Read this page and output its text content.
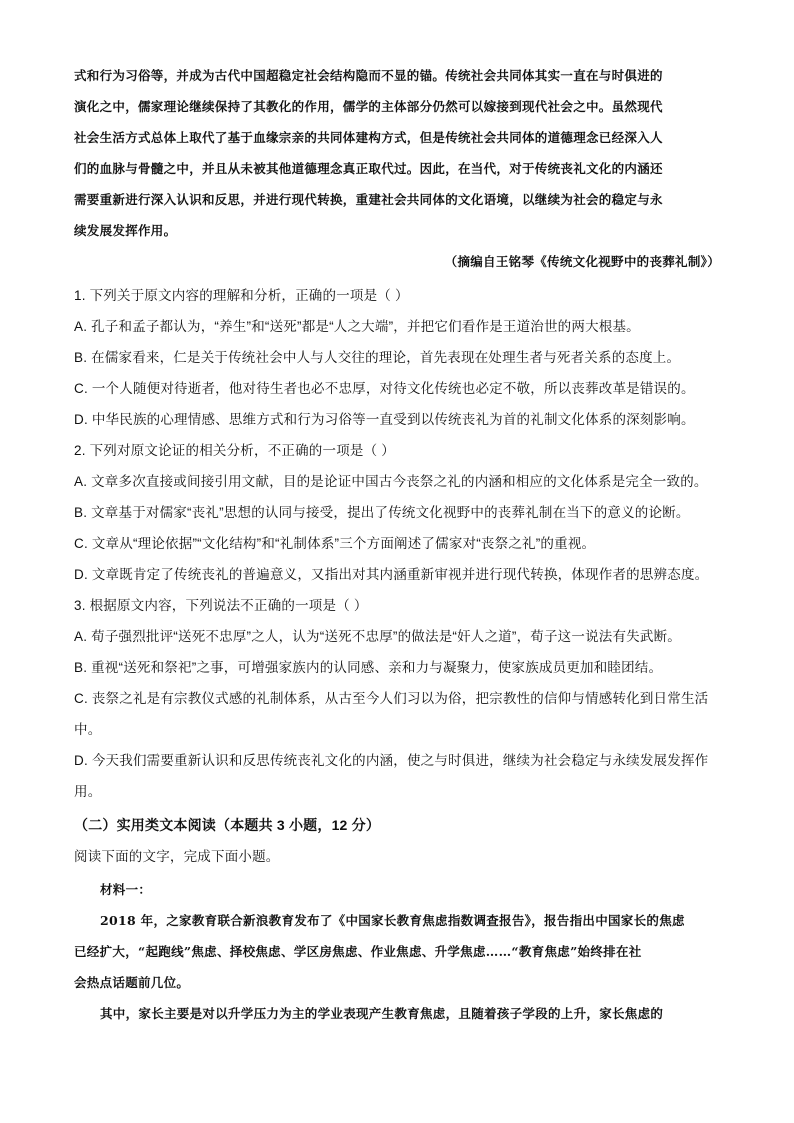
式和行为习俗等，并成为古代中国超稳定社会结构隐而不显的锚。传统社会共同体其实一直在与时俱进的
演化之中，儒家理论继续保持了其教化的作用，儒学的主体部分仍然可以嫁接到现代社会之中。虽然现代
社会生活方式总体上取代了基于血缘宗亲的共同体建构方式，但是传统社会共同体的道德理念已经深入人
们的血脉与骨髓之中，并且从未被其他道德理念真正取代过。因此，在当代，对于传统丧礼文化的内涵还
需要重新进行深入认识和反思，并进行现代转换，重建社会共同体的文化语境，以继续为社会的稳定与永
续发展发挥作用。
（摘编自王铭琴《传统文化视野中的丧葬礼制》）
1. 下列关于原文内容的理解和分析，正确的一项是（ ）
A. 孔子和孟子都认为，“养生”和“送死”都是“人之大端”，并把它们看作是王道治世的两大根基。
B. 在儒家看来，仁是关于传统社会中人与人交往的理论，首先表现在处理生者与死者关系的态度上。
C. 一个人随便对待逝者，他对待生者也必不忠厚，对待文化传统也必定不敬，所以丧葬改革是错误的。
D. 中华民族的心理情感、思维方式和行为习俗等一直受到以传统丧礼为首的礼制文化体系的深刻影响。
2. 下列对原文论证的相关分析，不正确的一项是（ ）
A. 文章多次直接或间接引用文献，目的是论证中国古今丧祭之礼的内涵和相应的文化体系是完全一致的。
B. 文章基于对儒家“丧礼”思想的认同与接受，提出了传统文化视野中的丧葬礼制在当下的意义的论断。
C. 文章从“理论依据”“文化结构”和“礼制体系”三个方面阐述了儒家对“丧祭之礼”的重视。
D. 文章既肯定了传统丧礼的普遍意义，又指出对其内涵重新审视并进行现代转换，体现作者的思辨态度。
3. 根据原文内容，下列说法不正确的一项是（ ）
A. 荀子强烈批评“送死不忠厚”之人，认为“送死不忠厚”的做法是“奸人之道”，荀子这一说法有失武断。
B. 重视“送死和祭祀”之事，可增强家族内的认同感、亲和力与凝聚力，使家族成员更加和睦团结。
C. 丧祭之礼是有宗教仪式感的礼制体系，从古至今人们习以为俗，把宗教性的信仰与情感转化到日常生活
中。
D. 今天我们需要重新认识和反思传统丧礼文化的内涵，使之与时俱进，继续为社会稳定与永续发展发挥作
用。
（二）实用类文本阅读（本题共 3 小题，12 分）
阅读下面的文字，完成下面小题。
材料一：
2018 年，之家教育联合新浪教育发布了《中国家长教育焦虑指数调查报告》，报告指出中国家长的焦虑
已经扩大，“起跑线”焦虑、择校焦虑、学区房焦虑、作业焦虑、升学焦虑……“教育焦虑”始终排在社
会热点话题前几位。
其中，家长主要是对以升学压力为主的学业表现产生教育焦虑，且随着孩子学段的上升，家长焦虑的
